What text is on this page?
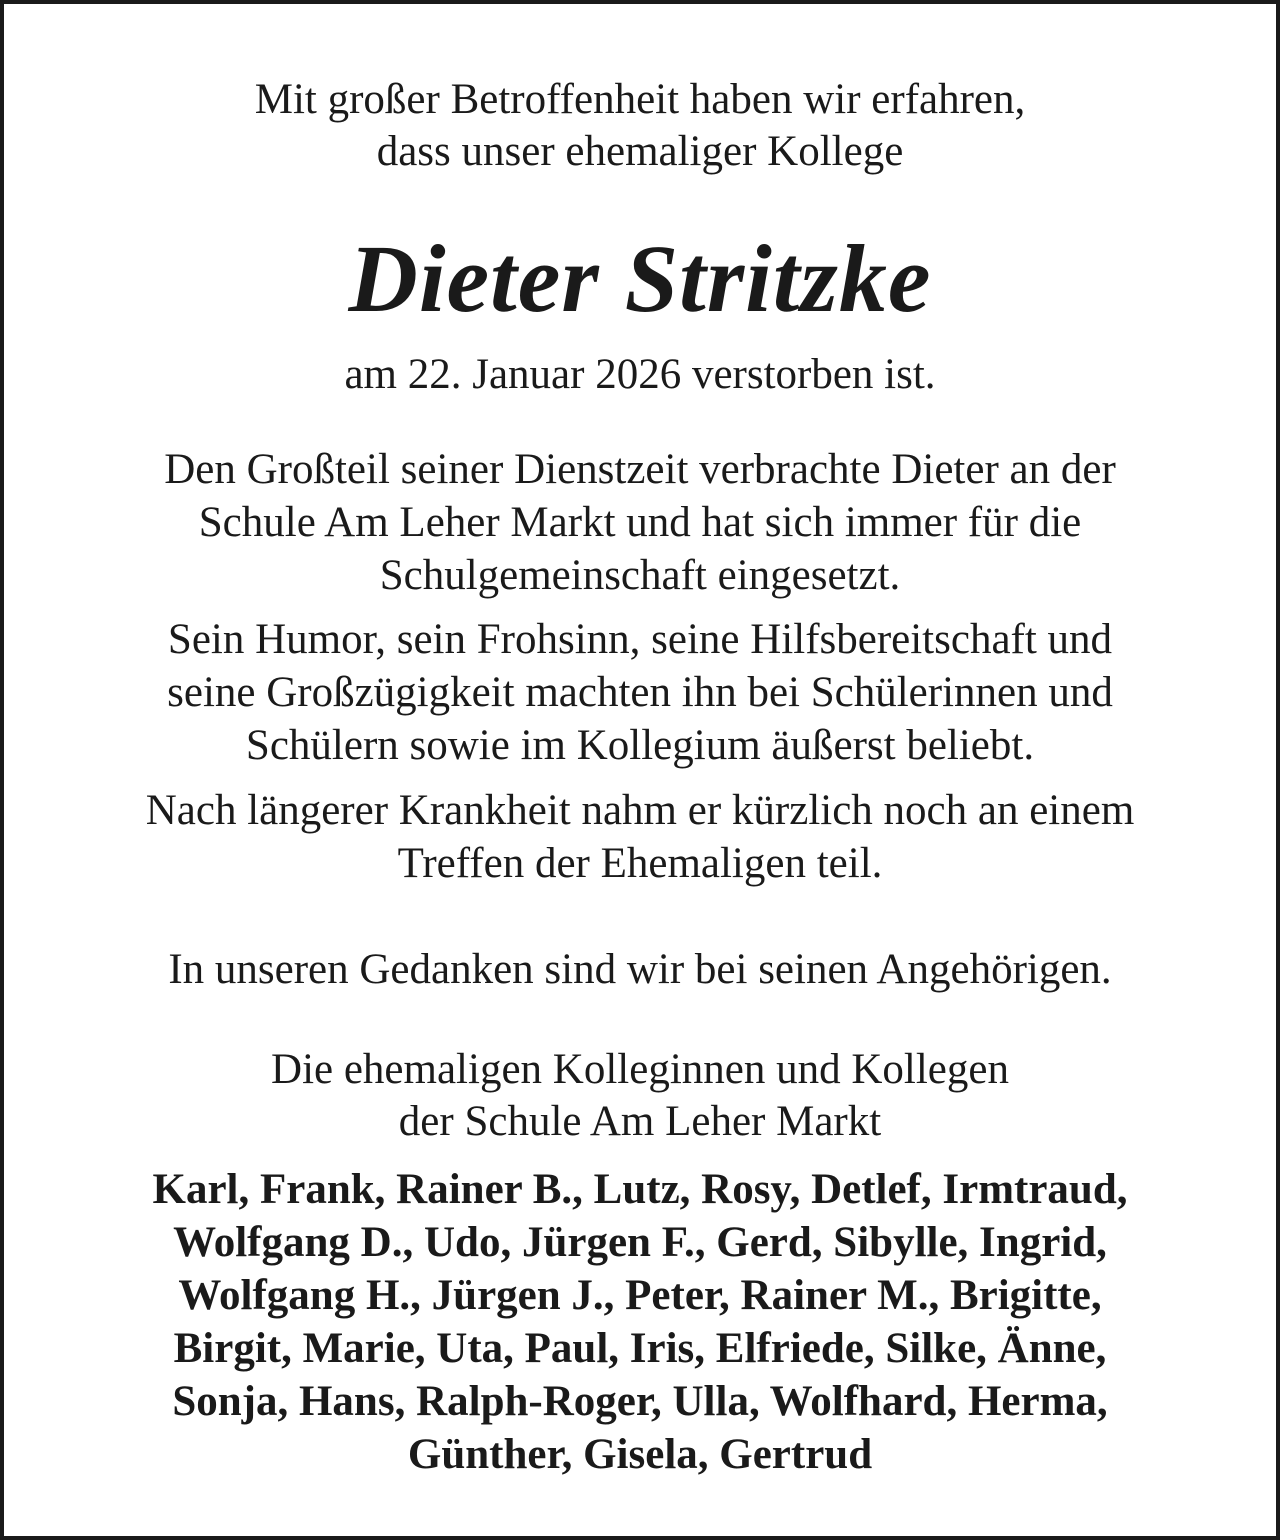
Mit großer Betroffenheit haben wir erfahren,
dass unser ehemaliger Kollege
Dieter Stritzke
am 22. Januar 2026 verstorben ist.
Den Großteil seiner Dienstzeit verbrachte Dieter an der
Schule Am Leher Markt und hat sich immer für die
Schulgemeinschaft eingesetzt.
Sein Humor, sein Frohsinn, seine Hilfsbereitschaft und
seine Großzügigkeit machten ihn bei Schülerinnen und
Schülern sowie im Kollegium äußerst beliebt.
Nach längerer Krankheit nahm er kürzlich noch an einem
Treffen der Ehemaligen teil.
In unseren Gedanken sind wir bei seinen Angehörigen.
Die ehemaligen Kolleginnen und Kollegen
der Schule Am Leher Markt
Karl, Frank, Rainer B., Lutz, Rosy, Detlef, Irmtraud,
Wolfgang D., Udo, Jürgen F., Gerd, Sibylle, Ingrid,
Wolfgang H., Jürgen J., Peter, Rainer M., Brigitte,
Birgit, Marie, Uta, Paul, Iris, Elfriede, Silke, Änne,
Sonja, Hans, Ralph-Roger, Ulla, Wolfhard, Herma,
Günther, Gisela, Gertrud
